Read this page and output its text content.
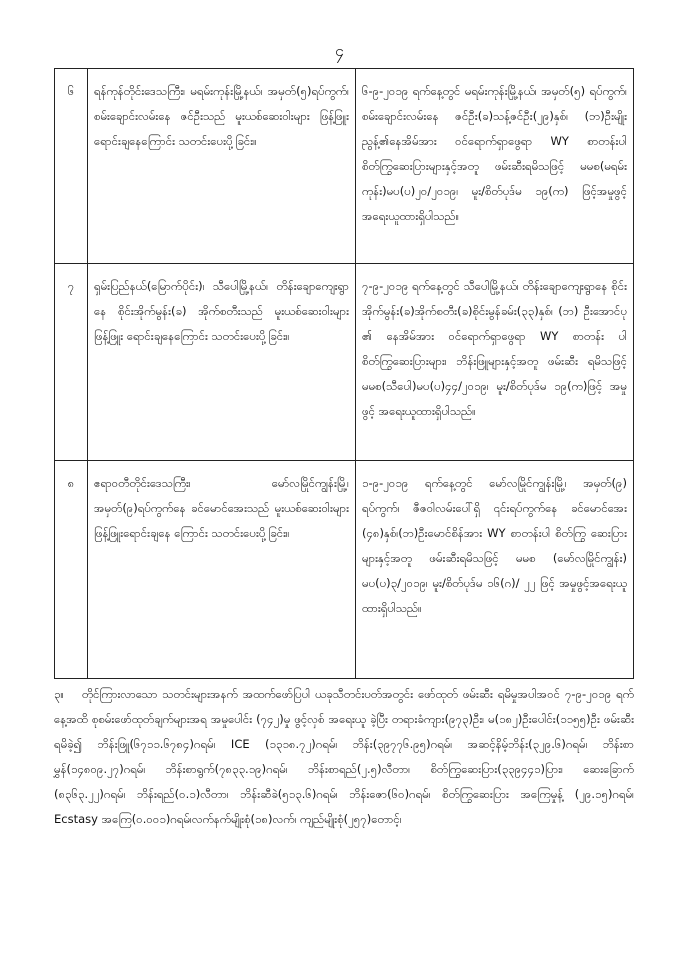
၄
၆	ရန်ကုန်တိုင်းဒေသကြီး၊ မရမ်းကုန်းမြို့နယ်၊ အမှတ်(၅)ရပ်ကွက်၊ စမ်းချောင်းလမ်းနေ ဇင်ဦးသည် မူးယစ်ဆေးဝါးများ ဖြန့်ဖြူး ရောင်းချနေကြောင်း သတင်းပေးပို့ခြင်း။	၆-၉-၂၀၁၉ ရက်နေ့တွင် မရမ်းကုန်းမြို့နယ်၊ အမှတ်(၅) ရပ်ကွက်၊ စမ်းချောင်းလမ်းနေ ဇင်ဦး(ခ)သန့်ဇင်ဦး(၂၉)နှစ်၊ (ဘ)ဦးမျိုးညွန့်၏နေအိမ်အား ဝင်ရောက်ရှာဖွေရာ WY စာတန်းပါ စိတ်ကြွဆေးပြားများနှင့်အတူ ဖမ်းဆီးရမိသဖြင့် မမစ(မရမ်းကုန်း)မပ(ပ)၂၀/၂၀၁၉၊ မူး/စိတ်ပုဒ်မ ၁၉(က) ဖြင့်အမှုဖွင့်အရေးယူထားရှိပါသည်။
၇	ရှမ်းပြည်နယ်(မြောက်ပိုင်း)၊ သီပေါမြို့နယ်၊ တိန်းချောကျေးရွာနေ စိုင်းအိုက်မွန်း(ခ) အိုက်စတီးသည် မူးယစ်ဆေးဝါးများ ဖြန့်ဖြူး ရောင်းချနေကြောင်း သတင်းပေးပို့ခြင်း။	၇-၉-၂၀၁၉ ရက်နေ့တွင် သီပေါမြို့နယ်၊ တိန်းချောကျေးရွာနေ စိုင်းအိုက်မွန်း(ခ)အိုက်စတီး(ခ)စိုင်းမွန်ခမ်း(၃၃)နှစ်၊ (ဘ) ဦးအောင်ပု ၏ နေအိမ်အား ဝင်ရောက်ရှာဖွေရာ WY စာတန်း ပါ စိတ်ကြွဆေးပြားများ၊ ဘိန်းဖြူများနှင့်အတူ ဖမ်းဆီး ရမိသဖြင့် မမစ(သီပေါ)မပ(ပ)၄၄/၂၀၁၉၊ မူး/စိတ်ပုဒ်မ ၁၉(က)ဖြင့် အမှုဖွင့် အရေးယူထားရှိပါသည်။
၈	ဧရာဝတီတိုင်းဒေသကြီး၊ မော်လမြိုင်ကျွန်းမြို့၊ အမှတ်(၉)ရပ်ကွက်နေ ခင်မောင်အေးသည် မူးယစ်ဆေးဝါးများ ဖြန့်ဖြူးရောင်းချနေ ကြောင်း သတင်းပေးပို့ခြင်း။	၁-၉-၂၀၁၉ ရက်နေ့တွင် မော်လမြိုင်ကျွန်းမြို့၊ အမှတ်(၉) ရပ်ကွက်၊ ဇီဇဝါလမ်းပေါ်ရှိ ၎င်းရပ်ကွက်နေ ခင်မောင်အေး (၄၈)နှစ်၊(ဘ)ဦးမောင်စိန်အား WY စာတန်းပါ စိတ်ကြွ ဆေးပြားများနှင့်အတူ ဖမ်းဆီးရမိသဖြင့် မမစ (မော်လမြိုင်ကျွန်း) မပ(ပ)၃/၂၀၁၉၊ မူး/စိတ်ပုဒ်မ ၁၆(ဂ)/ ၂၂ ဖြင့် အမှုဖွင့်အရေးယူထားရှိပါသည်။
၃။ တိုင်ကြားလာသော သတင်းများအနက် အထက်ဖော်ပြပါ ယခုသီတင်းပတ်အတွင်း ဖော်ထုတ် ဖမ်းဆီး ရမိမှုအပါအဝင် ၇-၉-၂၀၁၉ ရက်နေ့အထိ စုစမ်းဖော်ထုတ်ချက်များအရ အမှုပေါင်း (၇၄၂)မှု ဖွင့်လှစ် အရေးယူ ခဲ့ပြီး တရားခံကျား(၉၇၃)ဦး၊ မ(၁၈၂)ဦးပေါင်း(၁၁၅၅)ဦး ဖမ်းဆီးရမိခဲ့၍ ဘိန်းဖြူ(၆၇၁၁.၆၇၈၄)ဂရမ်၊ ICE (၁၃၁၈.၇၂)ဂရမ်၊ ဘိန်း(၃၉၇၇၆.၉၅)ဂရမ်၊ အဆင့်နိမ့်ဘိန်း(၃၂၉.၆)ဂရမ်၊ ဘိန်းစာမွှန်(၁၄၈၀၉.၂၇)ဂရမ်၊ ဘိန်းစာရွက်(၇၈၃၃.၁၉)ဂရမ်၊ ဘိန်းစာရည်(၂.၅)လီတာ၊ စိတ်ကြွဆေးပြား(၃၃၉၄၄၁)ပြား၊ ဆေးခြောက် (၈၃၆၃.၂၂)ဂရမ်၊ ဘိန်းရည်(၀.၁)လီတာ၊ ဘိန်းဆီခဲ(၅၁၃.၆)ဂရမ်၊ ဘိန်းဇော(၆၀)ဂရမ်၊ စိတ်ကြွဆေးပြား အကြေမှုန့် (၂၉.၁၅)ဂရမ်၊ Ecstasy အကြေ(၀.၀၀၁)ဂရမ်၊လက်နက်မျိုးစုံ(၁၈)လက်၊ ကျည်မျိုးစုံ(၂၅၇)တောင့်၊
